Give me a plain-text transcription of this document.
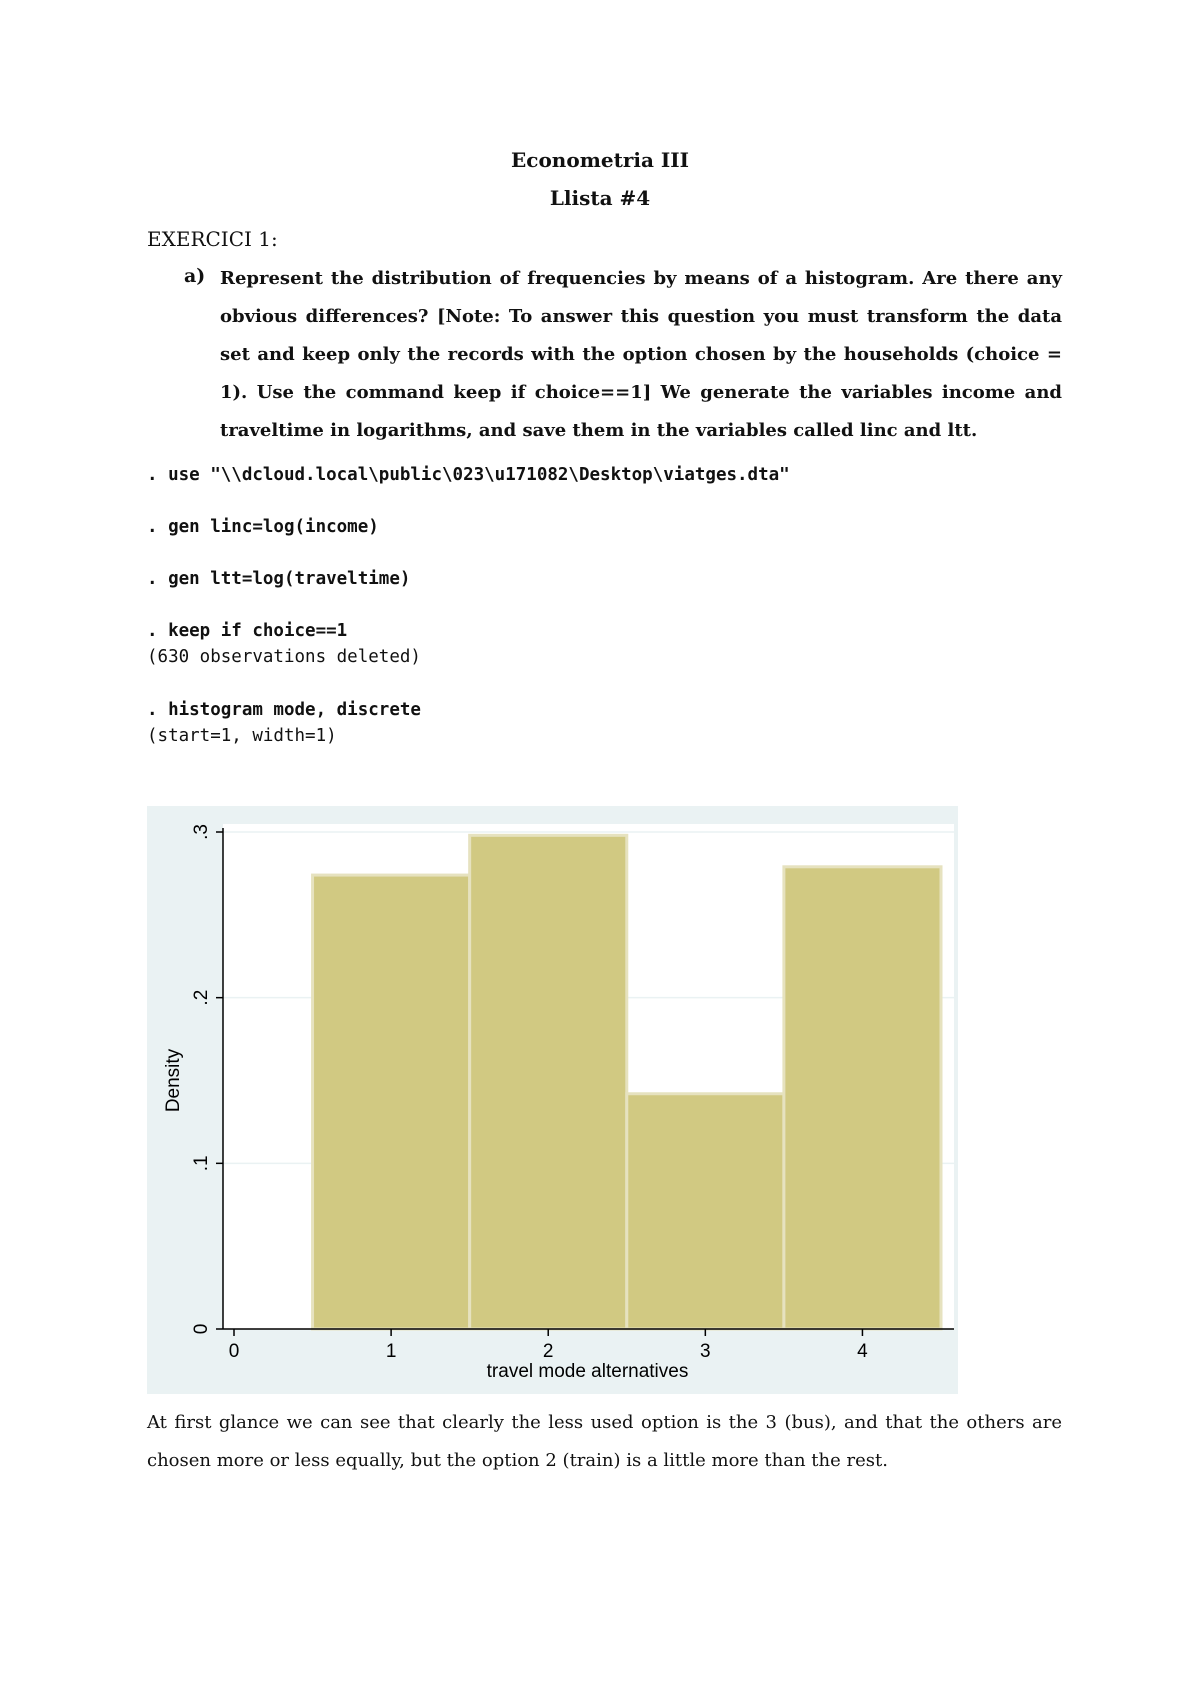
Econometria III
Llista #4
EXERCICI 1:
a) Represent the distribution of frequencies by means of a histogram. Are there any obvious differences? [Note: To answer this question you must transform the data set and keep only the records with the option chosen by the households (choice = 1). Use the command keep if choice==1] We generate the variables income and traveltime in logarithms, and save them in the variables called linc and ltt.
. use "\\dcloud.local\public\023\u171082\Desktop\viatges.dta"
. gen linc=log(income)
. gen ltt=log(traveltime)
. keep if choice==1
(630 observations deleted)
. histogram mode, discrete
(start=1, width=1)
0
.1
.2
.3
0	1	2	3	4
travel mode alternatives
Density
At first glance we can see that clearly the less used option is the 3 (bus), and that the others are chosen more or less equally, but the option 2 (train) is a little more than the rest.
